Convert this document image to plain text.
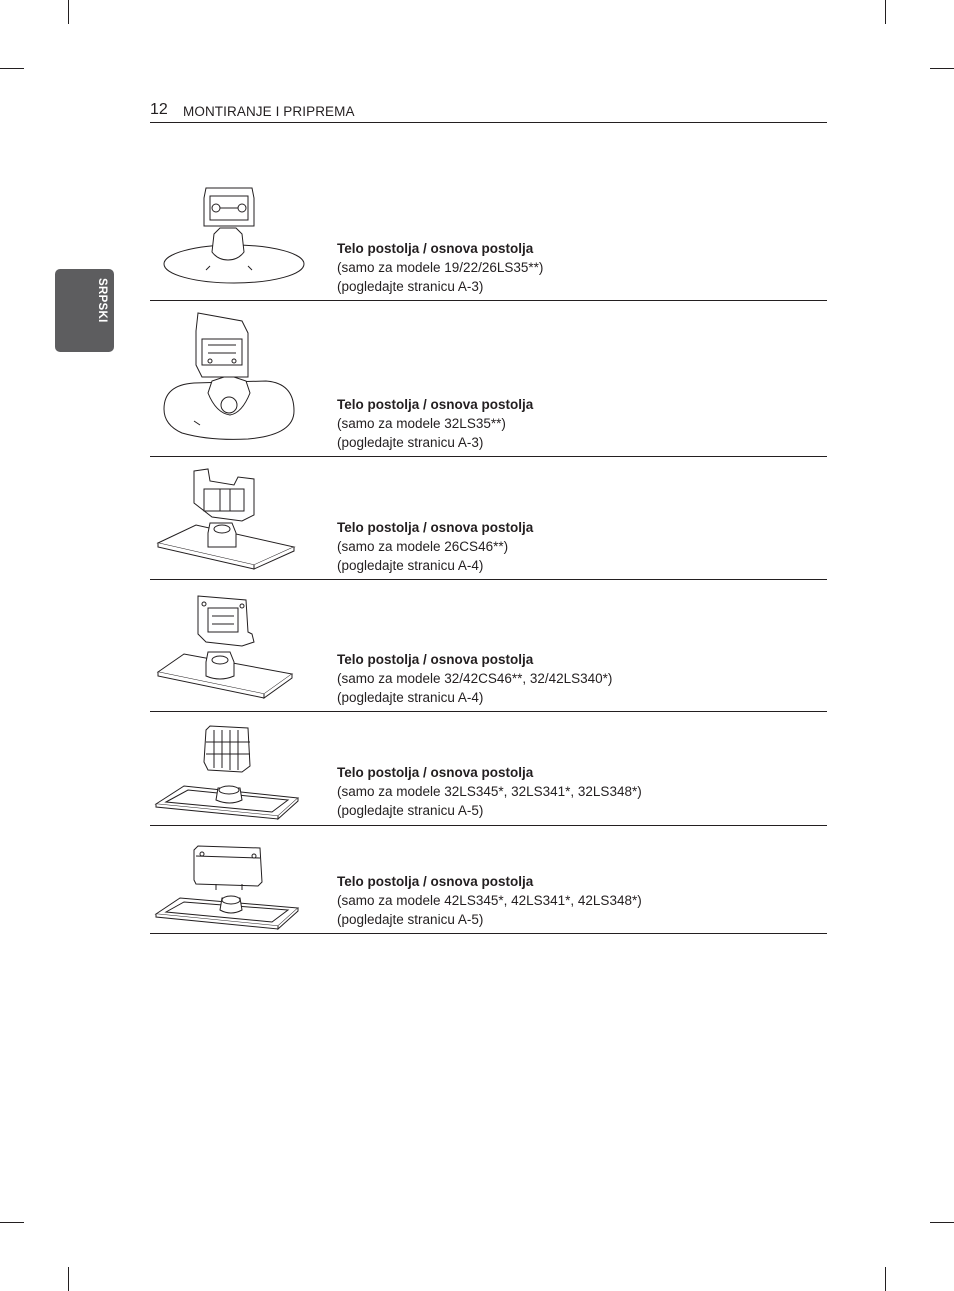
12 MONTIRANJE I PRIPREMA
SRPSKI
Telo postolja / osnova postolja
(samo za modele 19/22/26LS35**)
(pogledajte stranicu A-3)
Telo postolja / osnova postolja
(samo za modele 32LS35**)
(pogledajte stranicu A-3)
Telo postolja / osnova postolja
(samo za modele 26CS46**)
(pogledajte stranicu A-4)
Telo postolja / osnova postolja
(samo za modele 32/42CS46**, 32/42LS340*)
(pogledajte stranicu A-4)
Telo postolja / osnova postolja
(samo za modele 32LS345*, 32LS341*, 32LS348*)
(pogledajte stranicu A-5)
Telo postolja / osnova postolja
(samo za modele 42LS345*, 42LS341*, 42LS348*)
(pogledajte stranicu A-5)
